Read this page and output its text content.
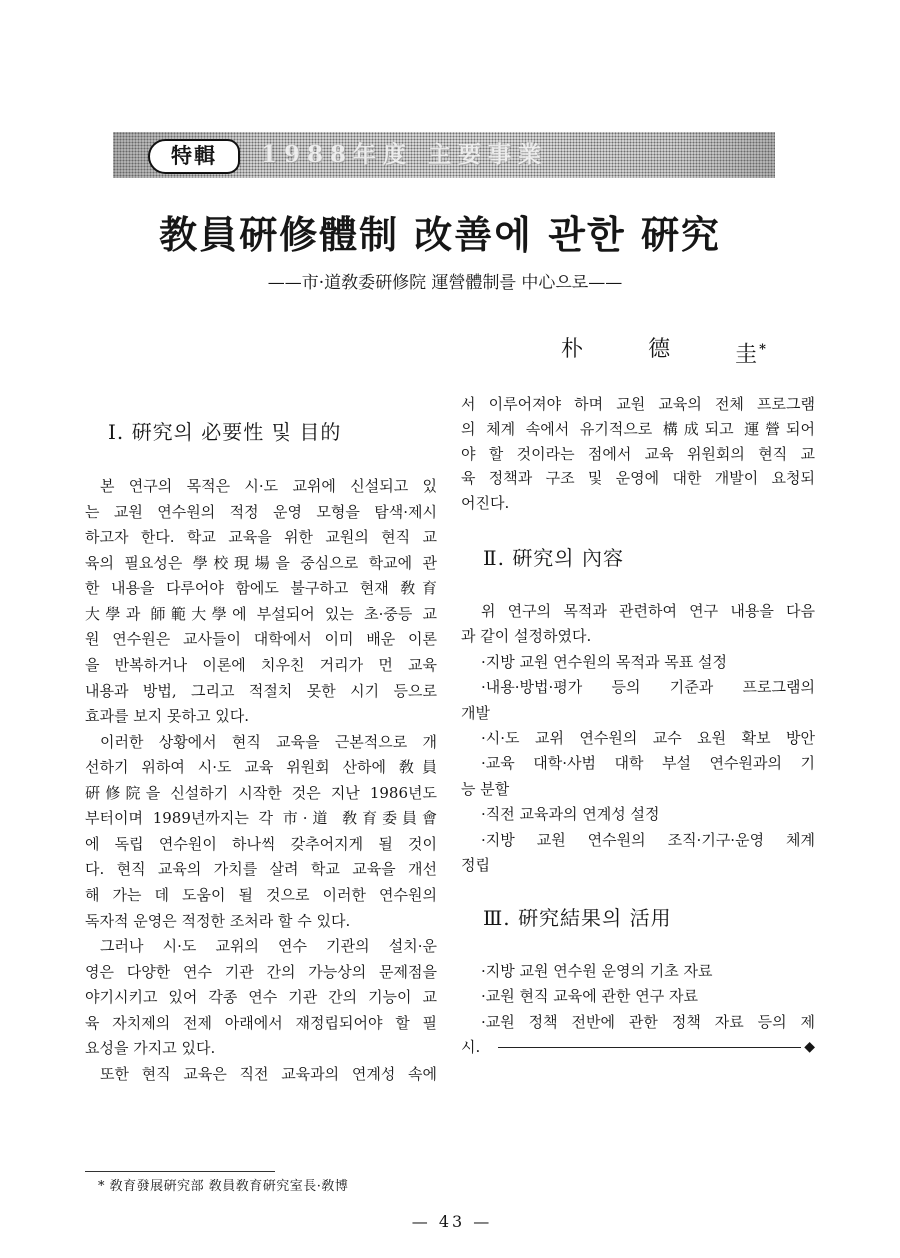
特輯	1988年度 主要事業
教員硏修體制 改善에 관한 硏究
——市·道敎委硏修院 運營體制를 中心으로——
朴	德	圭 *
Ⅰ. 硏究의 必要性 및 目的
본 연구의 목적은 시·도 교위에 신설되고 있
는 교원 연수원의 적정 운영 모형을 탐색·제시
하고자 한다. 학교 교육을 위한 교원의 현직 교
육의 필요성은 學校現場을 중심으로 학교에 관
한 내용을 다루어야 함에도 불구하고 현재 敎育
大學과 師範大學에 부설되어 있는 초·중등 교
원 연수원은 교사들이 대학에서 이미 배운 이론
을 반복하거나 이론에 치우친 거리가 먼 교육
내용과 방법, 그리고 적절치 못한 시기 등으로
효과를 보지 못하고 있다.
이러한 상황에서 현직 교육을 근본적으로 개
선하기 위하여 시·도 교육 위원회 산하에 敎員
硏修院을 신설하기 시작한 것은 지난 1986년도
부터이며 1989년까지는 각 市·道 敎育委員會
에 독립 연수원이 하나씩 갖추어지게 될 것이
다. 현직 교육의 가치를 살려 학교 교육을 개선
해 가는 데 도움이 될 것으로 이러한 연수원의
독자적 운영은 적정한 조처라 할 수 있다.
그러나 시·도 교위의 연수 기관의 설치·운
영은 다양한 연수 기관 간의 가능상의 문제점을
야기시키고 있어 각종 연수 기관 간의 기능이 교
육 자치제의 전제 아래에서 재정립되어야 할 필
요성을 가지고 있다.
또한 현직 교육은 직전 교육과의 연계성 속에
서 이루어져야 하며 교원 교육의 전체 프로그램
의 체계 속에서 유기적으로 構成되고 運營되어
야 할 것이라는 점에서 교육 위원회의 현직 교
육 정책과 구조 및 운영에 대한 개발이 요청되
어진다.
Ⅱ. 硏究의 內容
위 연구의 목적과 관련하여 연구 내용을 다음
과 같이 설정하였다.
·지방 교원 연수원의 목적과 목표 설정
·내용·방법·평가 등의 기준과 프로그램의
개발
·시·도 교위 연수원의 교수 요원 확보 방안
·교육 대학·사범 대학 부설 연수원과의 기
능 분할
·직전 교육과의 연계성 설정
·지방 교원 연수원의 조직·기구·운영 체계
정립
Ⅲ. 硏究結果의 活用
·지방 교원 연수원 운영의 기초 자료
·교원 현직 교육에 관한 연구 자료
·교원 정책 전반에 관한 정책 자료 등의 제
시.	◆
* 敎育發展硏究部 敎員敎育硏究室長·敎博
— 43 —
